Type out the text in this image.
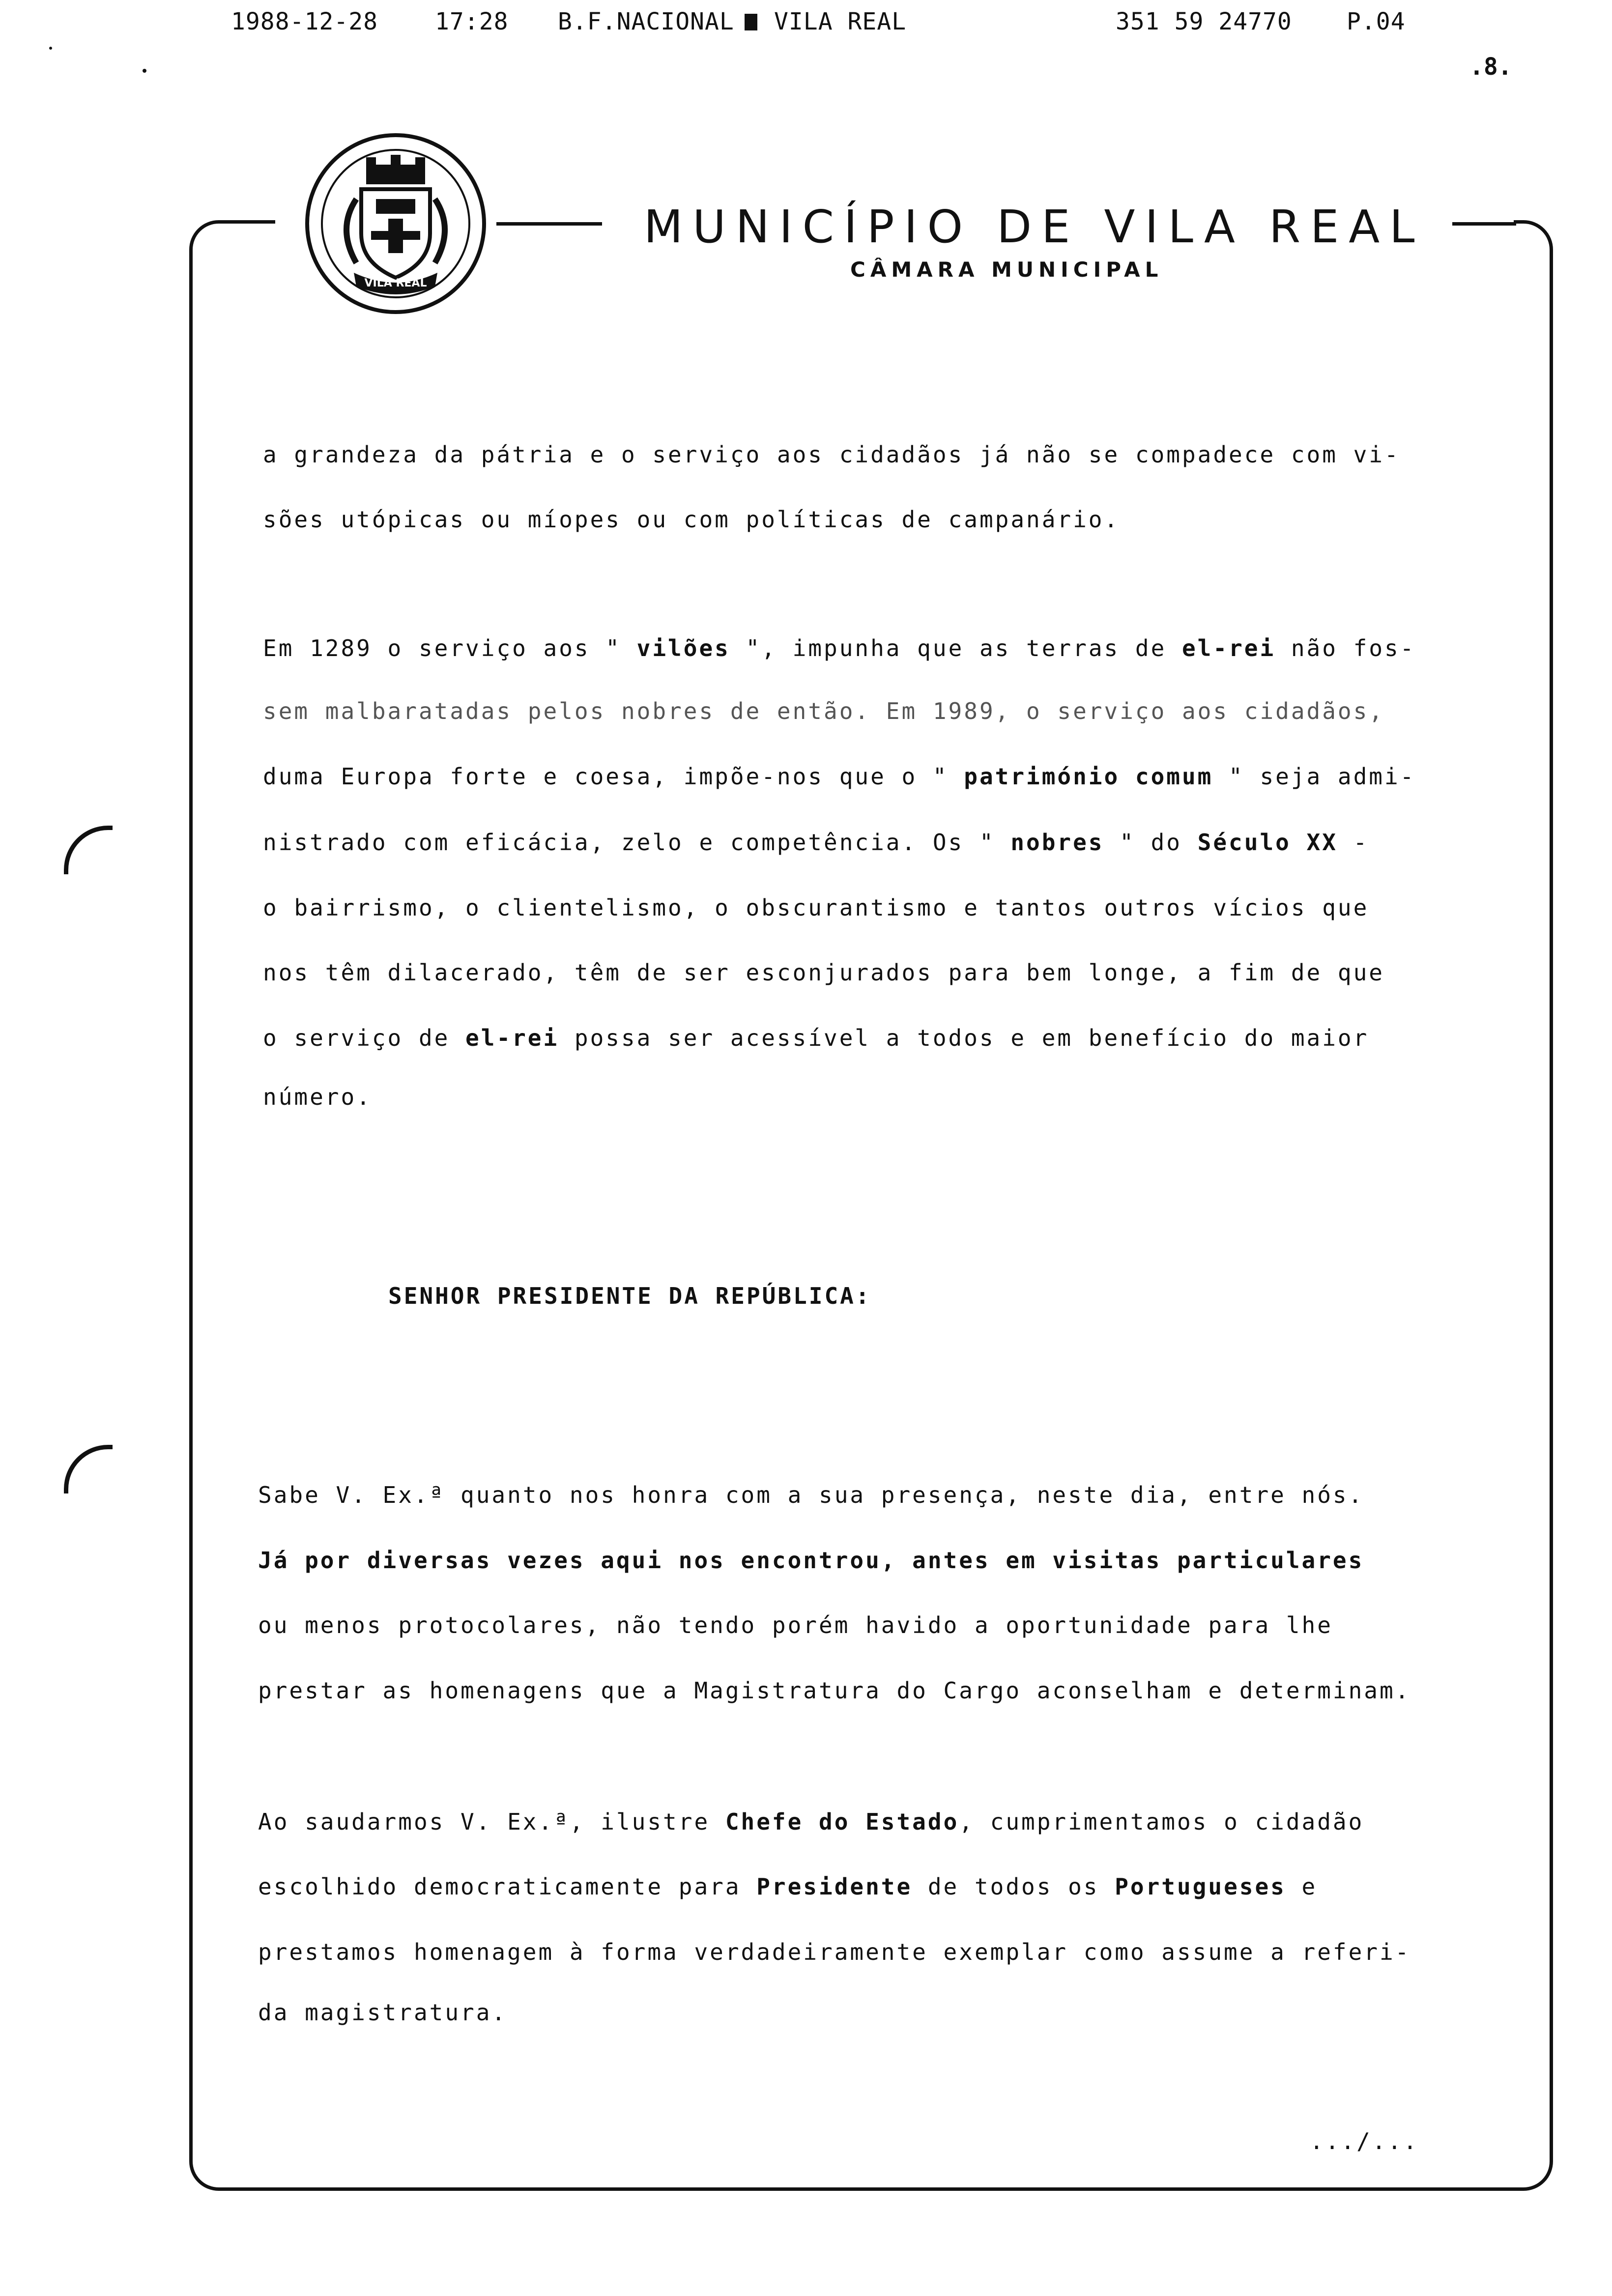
1988-12-28

17:28

B.F.NACIONAL

VILA REAL

	351 59 24770

P.04

.8.
VILA REAL
MUNICÍPIO DE VILA REAL
CÂMARA MUNICIPAL
a grandeza da pátria e o serviço aos cidadãos já não se compadece com vi-
sões utópicas ou míopes ou com políticas de campanário.
Em 1289 o serviço aos " vilões ", impunha que as terras de el-rei não fos-
sem malbaratadas pelos nobres de então. Em 1989, o serviço aos cidadãos,
duma Europa forte e coesa, impõe-nos que o " património comum " seja admi-
nistrado com eficácia, zelo e competência. Os " nobres " do Século XX -
o bairrismo, o clientelismo, o obscurantismo e tantos outros vícios que
nos têm dilacerado, têm de ser esconjurados para bem longe, a fim de que
o serviço de el-rei possa ser acessível a todos e em benefício do maior
número.
SENHOR PRESIDENTE DA REPÚBLICA:
Sabe V. Ex.ª quanto nos honra com a sua presença, neste dia, entre nós.
Já por diversas vezes aqui nos encontrou, antes em visitas particulares
ou menos protocolares, não tendo porém havido a oportunidade para lhe
prestar as homenagens que a Magistratura do Cargo aconselham e determinam.
Ao saudarmos V. Ex.ª, ilustre Chefe do Estado, cumprimentamos o cidadão
escolhido democraticamente para Presidente de todos os Portugueses e
prestamos homenagem à forma verdadeiramente exemplar como assume a referi-
da magistratura.
.../...
